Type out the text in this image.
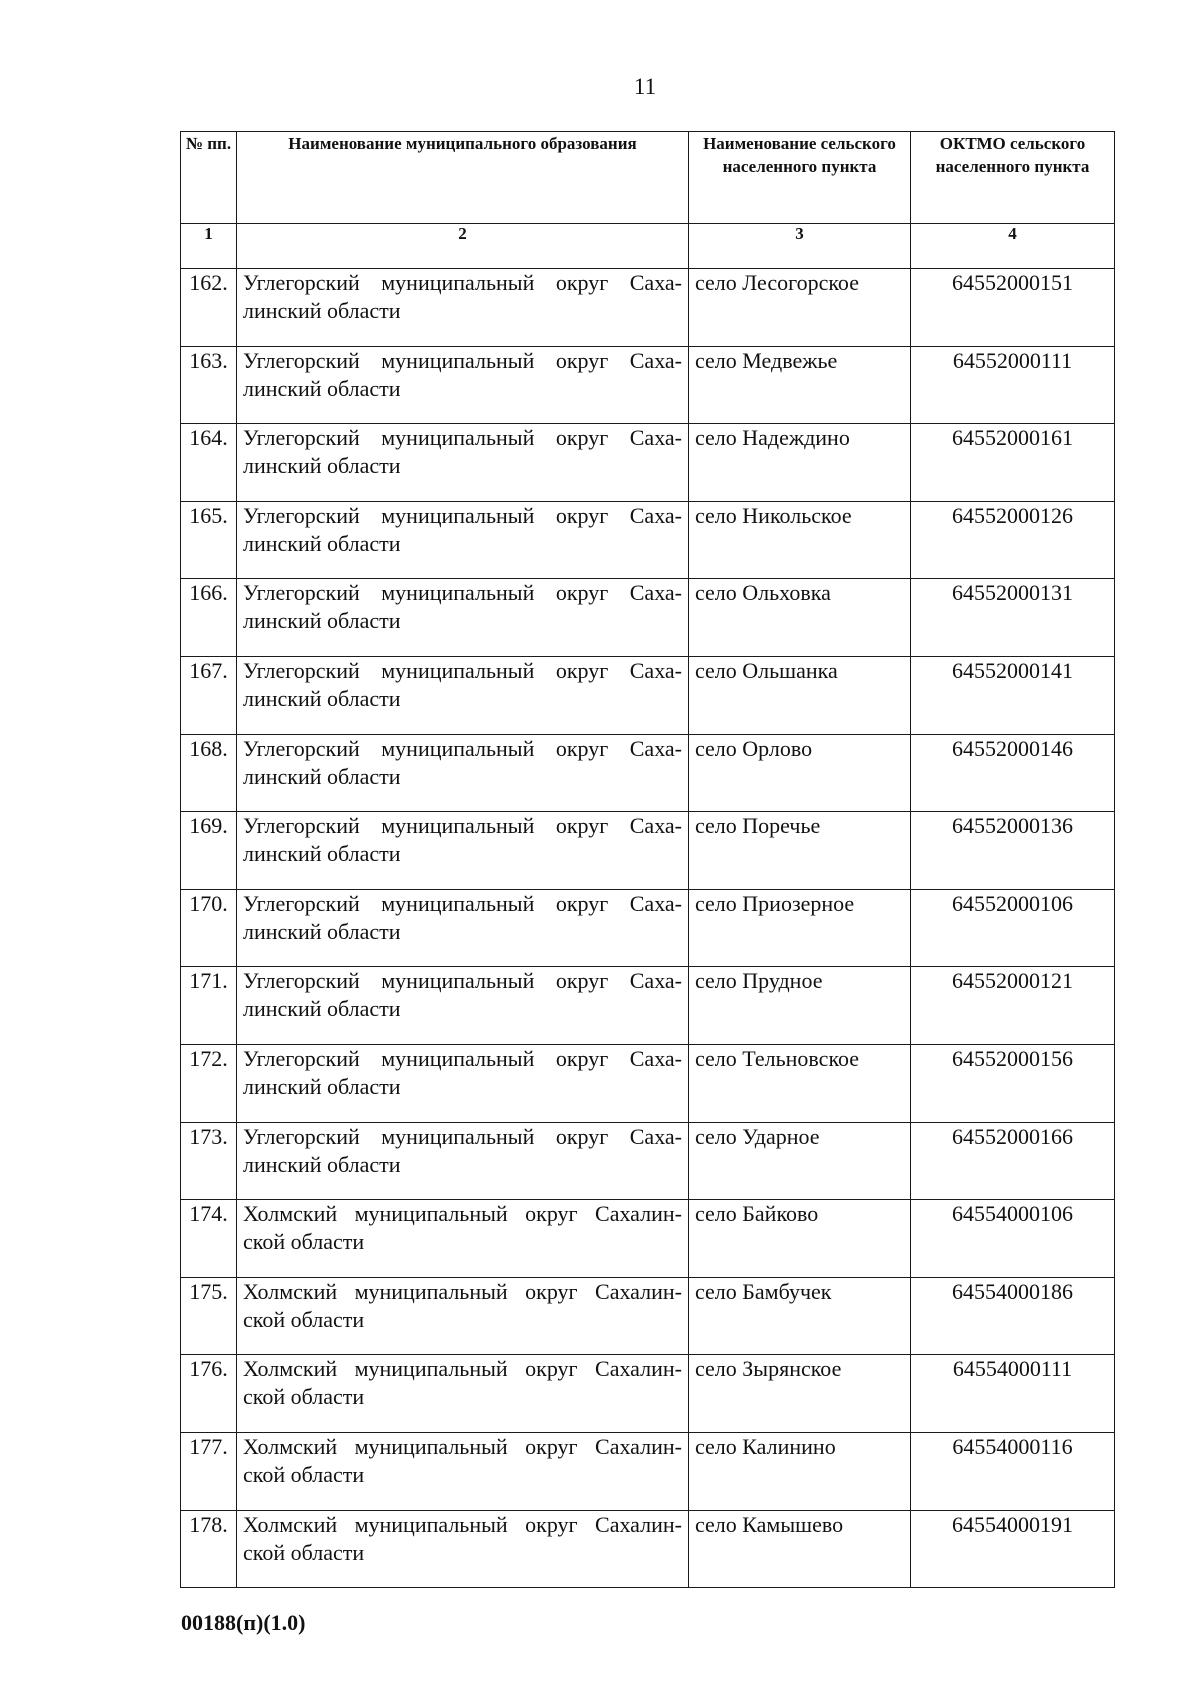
11
№ пп.	Наименование муниципального образования	Наименование сельского населенного пункта	ОКТМО сельского населенного пункта
1	2	3	4
162.	Углегорский муниципальный округ Саха-линский области	село Лесогорское	64552000151
163.	Углегорский муниципальный округ Саха-линский области	село Медвежье	64552000111
164.	Углегорский муниципальный округ Саха-линский области	село Надеждино	64552000161
165.	Углегорский муниципальный округ Саха-линский области	село Никольское	64552000126
166.	Углегорский муниципальный округ Саха-линский области	село Ольховка	64552000131
167.	Углегорский муниципальный округ Саха-линский области	село Ольшанка	64552000141
168.	Углегорский муниципальный округ Саха-линский области	село Орлово	64552000146
169.	Углегорский муниципальный округ Саха-линский области	село Поречье	64552000136
170.	Углегорский муниципальный округ Саха-линский области	село Приозерное	64552000106
171.	Углегорский муниципальный округ Саха-линский области	село Прудное	64552000121
172.	Углегорский муниципальный округ Саха-линский области	село Тельновское	64552000156
173.	Углегорский муниципальный округ Саха-линский области	село Ударное	64552000166
174.	Холмский муниципальный округ Сахалин-ской области	село Байково	64554000106
175.	Холмский муниципальный округ Сахалин-ской области	село Бамбучек	64554000186
176.	Холмский муниципальный округ Сахалин-ской области	село Зырянское	64554000111
177.	Холмский муниципальный округ Сахалин-ской области	село Калинино	64554000116
178.	Холмский муниципальный округ Сахалин-ской области	село Камышево	64554000191
00188(п)(1.0)
